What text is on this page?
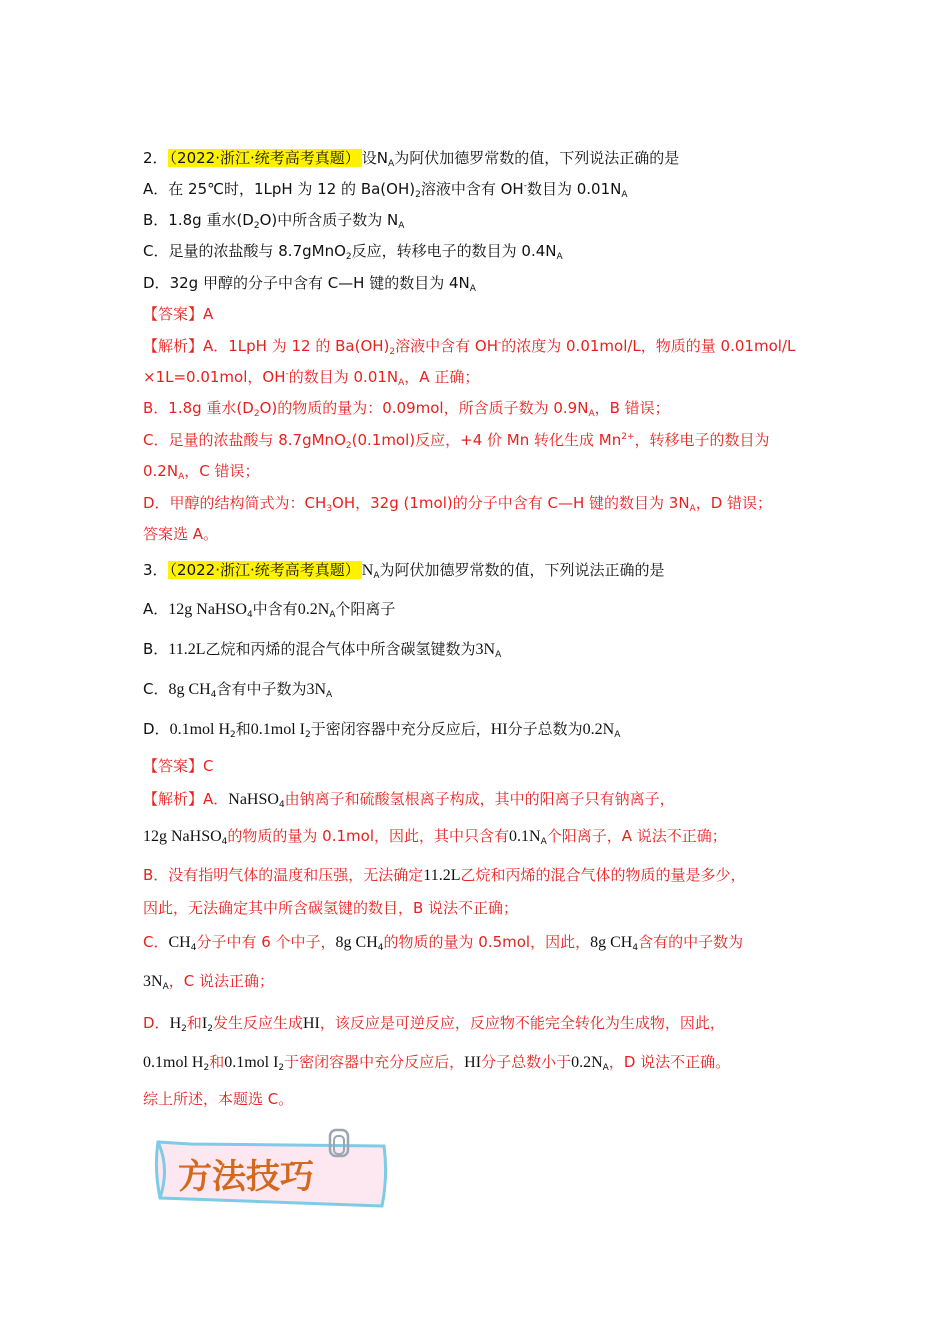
2． （2022·浙江·统考高考真题） 设$N_A$为阿伏加德罗常数的值，下列说法正确的是
A．在 25℃时，1LpH 为 12 的 $Ba(OH)_2$溶液中含有 OH-数目为 $0.01N_A$
B．1.8g 重水$(D_2O)$中所含质子数为 $N_A$
C．足量的浓盐酸与 8.7gMnO$_2$反应，转移电子的数目为 $0.4N_A$
D．32g 甲醇的分子中含有 C—H 键的数目为 $4N_A$
【答案】A
【解析】A．1LpH 为 12 的 $Ba(OH)_2$溶液中含有 OH-的浓度为 0.01mol/L，物质的量 0.01mol/L
×1L=0.01mol，OH-的数目为 $0.01N_A$，A 正确；
B．1.8g 重水$(D_2O)$的物质的量为：0.09mol，所含质子数为 $0.9N_A$，B 错误；
C．足量的浓盐酸与 8.7gMnO$_2$(0.1mol)反应，+4 价 Mn 转化生成 $Mn^{2+}$，转移电子的数目为
$0.2N_A$，C 错误；
D．甲醇的结构简式为：$CH_3OH$，32g (1mol)的分子中含有 C—H 键的数目为 $3N_A$，D 错误；
答案选 A。
3． （2022·浙江·统考高考真题） $N_A$为阿伏加德罗常数的值，下列说法正确的是
A．12g NaHSO$_4$中含有$0.2N_A$个阳离子
B．11.2L乙烷和丙烯的混合气体中所含碳氢键数为$3N_A$
C．8g $CH_4$含有中子数为$3N_A$
D．0.1mol $H_2$和0.1mol $I_2$于密闭容器中充分反应后，HI分子总数为$0.2N_A$
【答案】C
【解析】A．NaHSO$_4$由钠离子和硫酸氢根离子构成，其中的阳离子只有钠离子，
12g NaHSO$_4$的物质的量为 0.1mol，因此，其中只含有$0.1N_A$个阳离子，A 说法不正确；
B．没有指明气体的温度和压强，无法确定11.2L乙烷和丙烯的混合气体的物质的量是多少，
因此，无法确定其中所含碳氢键的数目，B 说法不正确；
C．$CH_4$分子中有 6 个中子，8g $CH_4$的物质的量为 0.5mol，因此，8g $CH_4$含有的中子数为
$3N_A$，C 说法正确；
D．$H_2$和$I_2$发生反应生成HI，该反应是可逆反应，反应物不能完全转化为生成物，因此，
0.1mol $H_2$和0.1mol $I_2$于密闭容器中充分反应后，HI分子总数小于$0.2N_A$，D 说法不正确。
综上所述，本题选 C。
方法技巧
